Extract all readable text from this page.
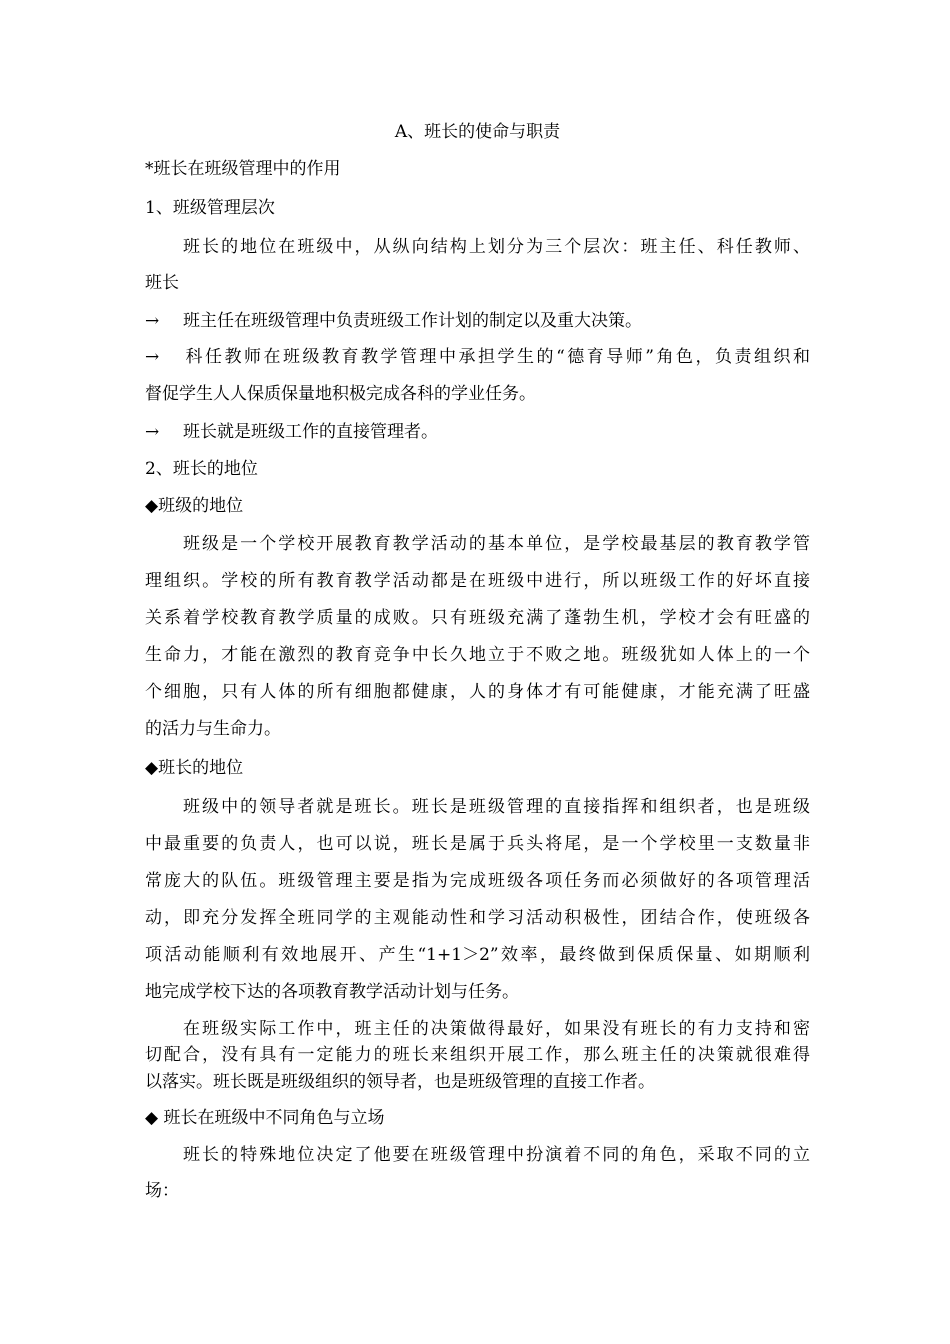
A、班长的使命与职责
*班长在班级管理中的作用
1、班级管理层次
班长的地位在班级中，从纵向结构上划分为三个层次：班主任、科任教师、
班长
→ 班主任在班级管理中负责班级工作计划的制定以及重大决策。
→ 科任教师在班级教育教学管理中承担学生的“德育导师”角色，负责组织和
督促学生人人保质保量地积极完成各科的学业任务。
→ 班长就是班级工作的直接管理者。
2、班长的地位
◆班级的地位
班级是一个学校开展教育教学活动的基本单位，是学校最基层的教育教学管
理组织。学校的所有教育教学活动都是在班级中进行，所以班级工作的好坏直接
关系着学校教育教学质量的成败。只有班级充满了蓬勃生机，学校才会有旺盛的
生命力，才能在激烈的教育竞争中长久地立于不败之地。班级犹如人体上的一个
个细胞，只有人体的所有细胞都健康，人的身体才有可能健康，才能充满了旺盛
的活力与生命力。
◆班长的地位
班级中的领导者就是班长。班长是班级管理的直接指挥和组织者，也是班级
中最重要的负责人，也可以说，班长是属于兵头将尾，是一个学校里一支数量非
常庞大的队伍。班级管理主要是指为完成班级各项任务而必须做好的各项管理活
动，即充分发挥全班同学的主观能动性和学习活动积极性，团结合作，使班级各
项活动能顺利有效地展开、产生“1+1＞2”效率，最终做到保质保量、如期顺利
地完成学校下达的各项教育教学活动计划与任务。
在班级实际工作中，班主任的决策做得最好，如果没有班长的有力支持和密
切配合，没有具有一定能力的班长来组织开展工作，那么班主任的决策就很难得
以落实。班长既是班级组织的领导者，也是班级管理的直接工作者。
◆ 班长在班级中不同角色与立场
班长的特殊地位决定了他要在班级管理中扮演着不同的角色，采取不同的立
场：
